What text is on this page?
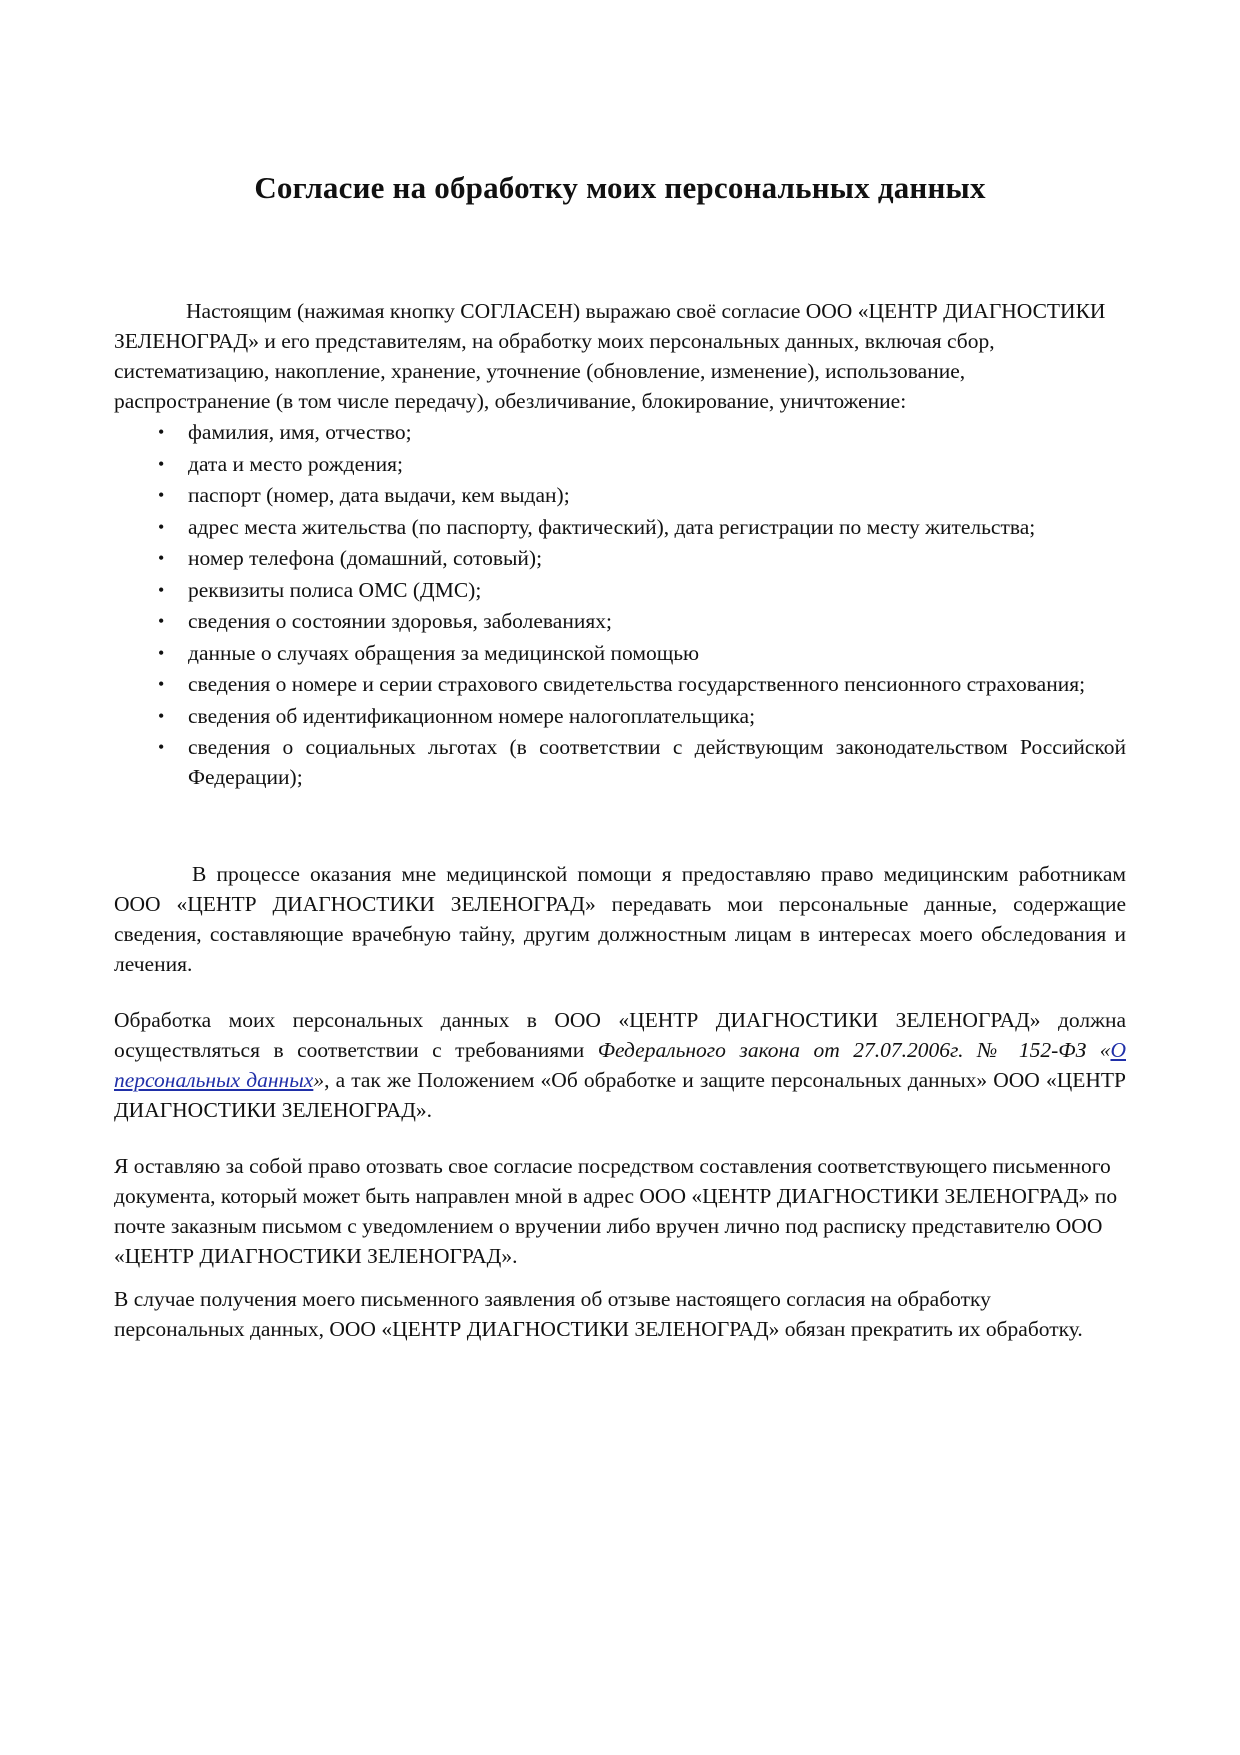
Согласие на обработку моих персональных данных
Настоящим (нажимая кнопку СОГЛАСЕН) выражаю своё согласие ООО «ЦЕНТР ДИАГНОСТИКИ ЗЕЛЕНОГРАД» и его представителям, на обработку моих персональных данных, включая сбор, систематизацию, накопление, хранение, уточнение (обновление, изменение), использование, распространение (в том числе передачу), обезличивание, блокирование, уничтожение:
• фамилия, имя, отчество;
• дата и место рождения;
• паспорт (номер, дата выдачи, кем выдан);
• адрес места жительства (по паспорту, фактический), дата регистрации по месту жительства;
• номер телефона (домашний, сотовый);
• реквизиты полиса ОМС (ДМС);
• сведения о состоянии здоровья, заболеваниях;
• данные о случаях обращения за медицинской помощью
• сведения о номере и серии страхового свидетельства государственного пенсионного страхования;
• сведения об идентификационном номере налогоплательщика;
• сведения о социальных льготах (в соответствии с действующим законодательством Российской Федерации);
В процессе оказания мне медицинской помощи я предоставляю право медицинским работникам ООО «ЦЕНТР ДИАГНОСТИКИ ЗЕЛЕНОГРАД» передавать мои персональные данные, содержащие сведения, составляющие врачебную тайну, другим должностным лицам в интересах моего обследования и лечения.
Обработка моих персональных данных в ООО «ЦЕНТР ДИАГНОСТИКИ ЗЕЛЕНОГРАД» должна осуществляться в соответствии с требованиями Федерального закона от 27.07.2006г. № 152-ФЗ «О персональных данных», а так же Положением «Об обработке и защите персональных данных» ООО «ЦЕНТР ДИАГНОСТИКИ ЗЕЛЕНОГРАД».
Я оставляю за собой право отозвать свое согласие посредством составления соответствующего письменного документа, который может быть направлен мной в адрес ООО «ЦЕНТР ДИАГНОСТИКИ ЗЕЛЕНОГРАД» по почте заказным письмом с уведомлением о вручении либо вручен лично под расписку представителю ООО «ЦЕНТР ДИАГНОСТИКИ ЗЕЛЕНОГРАД».
В случае получения моего письменного заявления об отзыве настоящего согласия на обработку персональных данных, ООО «ЦЕНТР ДИАГНОСТИКИ ЗЕЛЕНОГРАД» обязан прекратить их обработку.
